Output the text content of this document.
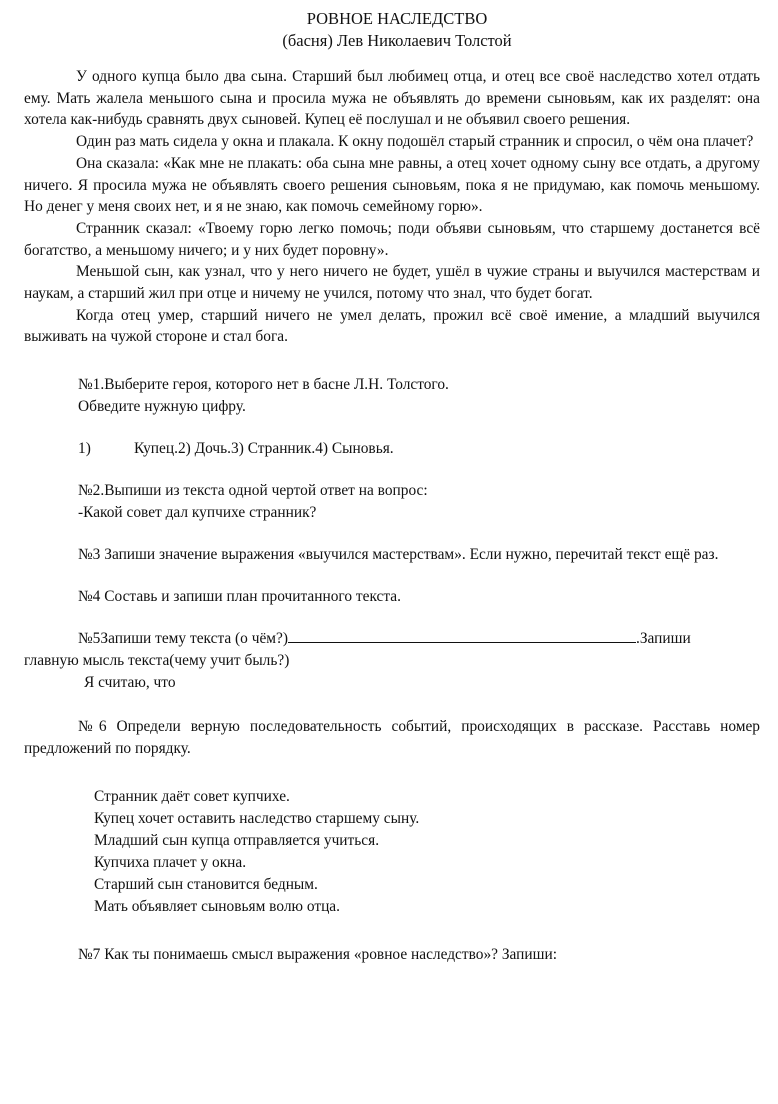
РОВНОЕ НАСЛЕДСТВО
(басня) Лев Николаевич Толстой

У одного купца было два сына. Старший был любимец отца, и отец все своё наследство хотел отдать ему. Мать жалела меньшого сына и просила мужа не объявлять до времени сыновьям, как их разделят: она хотела как-нибудь сравнять двух сыновей. Купец её послушал и не объявил своего решения.

Один раз мать сидела у окна и плакала. К окну подошёл старый странник и спросил, о чём она плачет?

Она сказала: «Как мне не плакать: оба сына мне равны, а отец хочет одному сыну все отдать, а другому ничего. Я просила мужа не объявлять своего решения сыновьям, пока я не придумаю, как помочь меньшому. Но денег у меня своих нет, и я не знаю, как помочь семейному горю».

Странник сказал: «Твоему горю легко помочь; поди объяви сыновьям, что старшему достанется всё богатство, а меньшому ничего; и у них будет поровну».

Меньшой сын, как узнал, что у него ничего не будет, ушёл в чужие страны и выучился мастерствам и наукам, а старший жил при отце и ничему не учился, потому что знал, что будет богат.

Когда отец умер, старший ничего не умел делать, прожил всё своё имение, а младший выучился выживать на чужой стороне и стал бога.

№1.Выберите героя, которого нет в басне Л.Н. Толстого.

Обведите нужную цифру.

1)	Купец.2) Дочь.3) Странник.4) Сыновья.

№2.Выпиши из текста одной чертой ответ на вопрос:

-Какой совет дал купчихе странник?

№3 Запиши значение выражения «выучился мастерствам». Если нужно, перечитай текст ещё раз.

№4 Составь и запиши план прочитанного текста.

№5Запиши тему текста (о чём?)	.Запиши

главную мысль текста(чему учит быль?)

Я считаю, что

№6 Определи верную последовательность событий, происходящих в рассказе. Расставь номер предложений по порядку.

Странник даёт совет купчихе.
Купец хочет оставить наследство старшему сыну.
Младший сын купца отправляется учиться.
Купчиха плачет у окна.
Старший сын становится бедным.
Мать объявляет сыновьям волю отца.

№7 Как ты понимаешь смысл выражения «ровное наследство»? Запиши:
